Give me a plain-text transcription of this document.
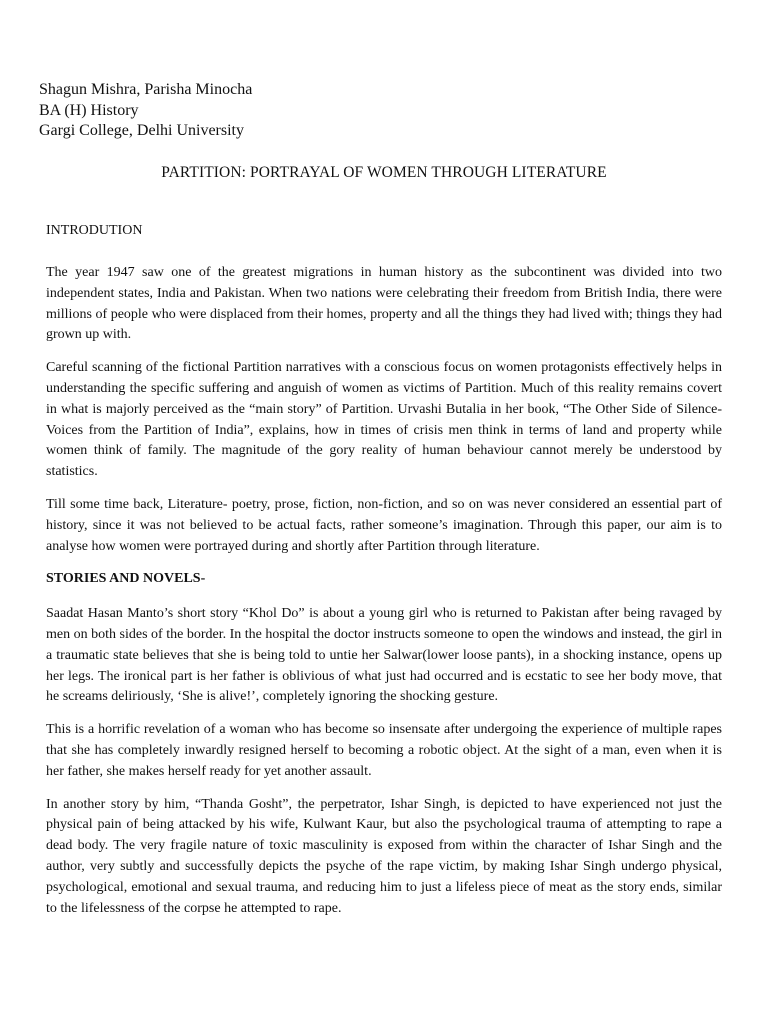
Shagun Mishra, Parisha Minocha
BA (H) History
Gargi College, Delhi University
PARTITION: PORTRAYAL OF WOMEN THROUGH LITERATURE
INTRODUTION

The year 1947 saw one of the greatest migrations in human history as the subcontinent was divided into two independent states, India and Pakistan. When two nations were celebrating their freedom from British India, there were millions of people who were displaced from their homes, property and all the things they had lived with; things they had grown up with.

Careful scanning of the fictional Partition narratives with a conscious focus on women protagonists effectively helps in understanding the specific suffering and anguish of women as victims of Partition. Much of this reality remains covert in what is majorly perceived as the “main story” of Partition. Urvashi Butalia in her book, “The Other Side of Silence-Voices from the Partition of India”, explains, how in times of crisis men think in terms of land and property while women think of family. The magnitude of the gory reality of human behaviour cannot merely be understood by statistics.

Till some time back, Literature- poetry, prose, fiction, non-fiction, and so on was never considered an essential part of history, since it was not believed to be actual facts, rather someone’s imagination. Through this paper, our aim is to analyse how women were portrayed during and shortly after Partition through literature.

STORIES AND NOVELS-

Saadat Hasan Manto’s short story “Khol Do” is about a young girl who is returned to Pakistan after being ravaged by men on both sides of the border. In the hospital the doctor instructs someone to open the windows and instead, the girl in a traumatic state believes that she is being told to untie her Salwar(lower loose pants), in a shocking instance, opens up her legs. The ironical part is her father is oblivious of what just had occurred and is ecstatic to see her body move, that he screams deliriously, ‘She is alive!’, completely ignoring the shocking gesture.

This is a horrific revelation of a woman who has become so insensate after undergoing the experience of multiple rapes that she has completely inwardly resigned herself to becoming a robotic object. At the sight of a man, even when it is her father, she makes herself ready for yet another assault.

In another story by him, “Thanda Gosht”, the perpetrator, Ishar Singh, is depicted to have experienced not just the physical pain of being attacked by his wife, Kulwant Kaur, but also the psychological trauma of attempting to rape a dead body. The very fragile nature of toxic masculinity is exposed from within the character of Ishar Singh and the author, very subtly and successfully depicts the psyche of the rape victim, by making Ishar Singh undergo physical, psychological, emotional and sexual trauma, and reducing him to just a lifeless piece of meat as the story ends, similar to the lifelessness of the corpse he attempted to rape.
